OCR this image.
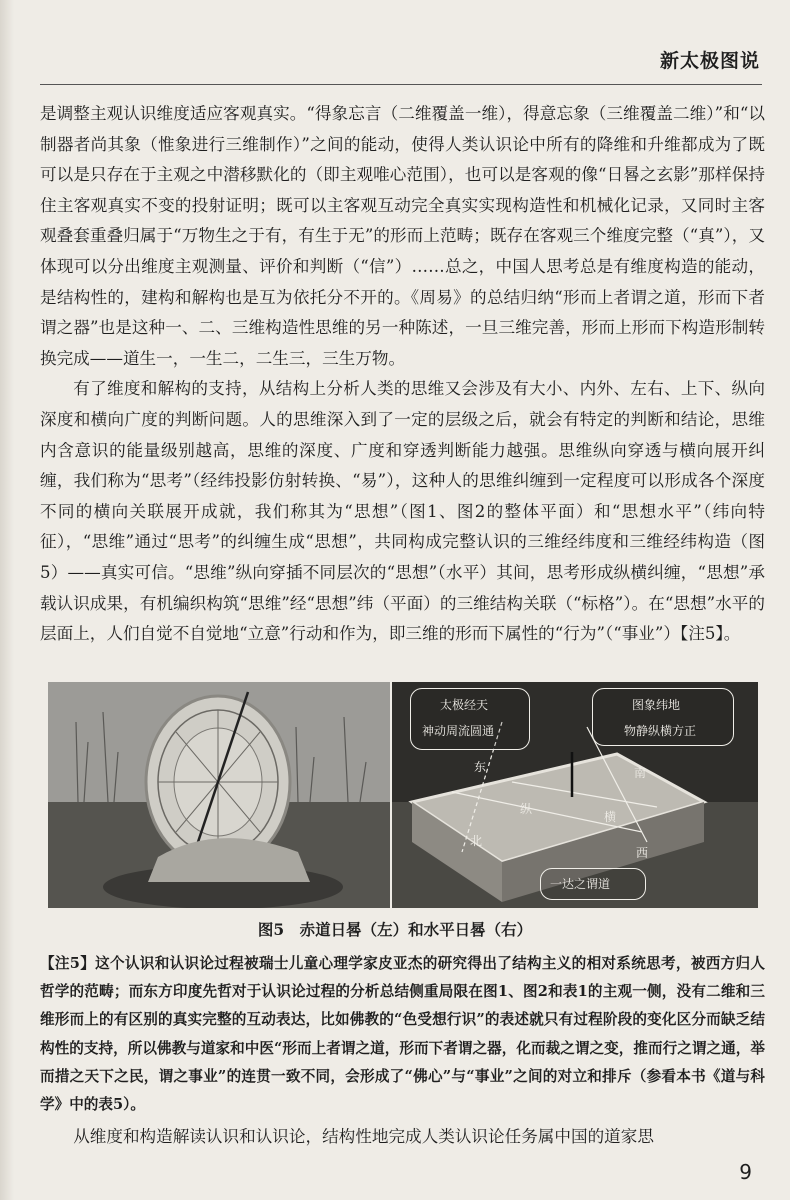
新太极图说

是调整主观认识维度适应客观真实。“得象忘言（二维覆盖一维），得意忘象（三维覆盖二维）”和“以制器者尚其象（惟象进行三维制作）”之间的能动，使得人类认识论中所有的降维和升维都成为了既可以是只存在于主观之中潜移默化的（即主观唯心范围），也可以是客观的像“日晷之玄影”那样保持住主客观真实不变的投射证明；既可以主客观互动完全真实实现构造性和机械化记录，又同时主客观叠套重叠归属于“万物生之于有，有生于无”的形而上范畴；既存在客观三个维度完整（“真”），又体现可以分出维度主观测量、评价和判断（“信”）……总之，中国人思考总是有维度构造的能动，是结构性的，建构和解构也是互为依托分不开的。《周易》的总结归纳“形而上者谓之道，形而下者谓之器”也是这种一、二、三维构造性思维的另一种陈述，一旦三维完善，形而上形而下构造形制转换完成——道生一，一生二，二生三，三生万物。

有了维度和解构的支持，从结构上分析人类的思维又会涉及有大小、内外、左右、上下、纵向深度和横向广度的判断问题。人的思维深入到了一定的层级之后，就会有特定的判断和结论，思维内含意识的能量级别越高，思维的深度、广度和穿透判断能力越强。思维纵向穿透与横向展开纠缠，我们称为“思考”（经纬投影仿射转换、“易”），这种人的思维纠缠到一定程度可以形成各个深度不同的横向关联展开成就，我们称其为“思想”（图1、图2的整体平面）和“思想水平”（纬向特征），“思维”通过“思考”的纠缠生成“思想”，共同构成完整认识的三维经纬度和三维经纬构造（图5）——真实可信。“思维”纵向穿插不同层次的“思想”（水平）其间，思考形成纵横纠缠，“思想”承载认识成果，有机编织构筑“思维”经“思想”纬（平面）的三维结构关联（“标格”）。在“思想”水平的层面上，人们自觉不自觉地“立意”行动和作为，即三维的形而下属性的“行为”（“事业”）【注5】。

太极经天
神动周流圆通
图象纬地
物静纵横方正
东	南
纵
横
北
西
一达之谓道
图5　赤道日晷（左）和水平日晷（右）
【注5】这个认识和认识论过程被瑞士儿童心理学家皮亚杰的研究得出了结构主义的相对系统思考，被西方归人哲学的范畴；而东方印度先哲对于认识论过程的分析总结侧重局限在图1、图2和表1的主观一侧，没有二维和三维形而上的有区别的真实完整的互动表达，比如佛教的“色受想行识”的表述就只有过程阶段的变化区分而缺乏结构性的支持，所以佛教与道家和中医“形而上者谓之道，形而下者谓之器，化而裁之谓之变，推而行之谓之通，举而措之天下之民，谓之事业”的连贯一致不同，会形成了“佛心”与“事业”之间的对立和排斥（参看本书《道与科学》中的表5）。
从维度和构造解读认识和认识论，结构性地完成人类认识论任务属中国的道家思
9
